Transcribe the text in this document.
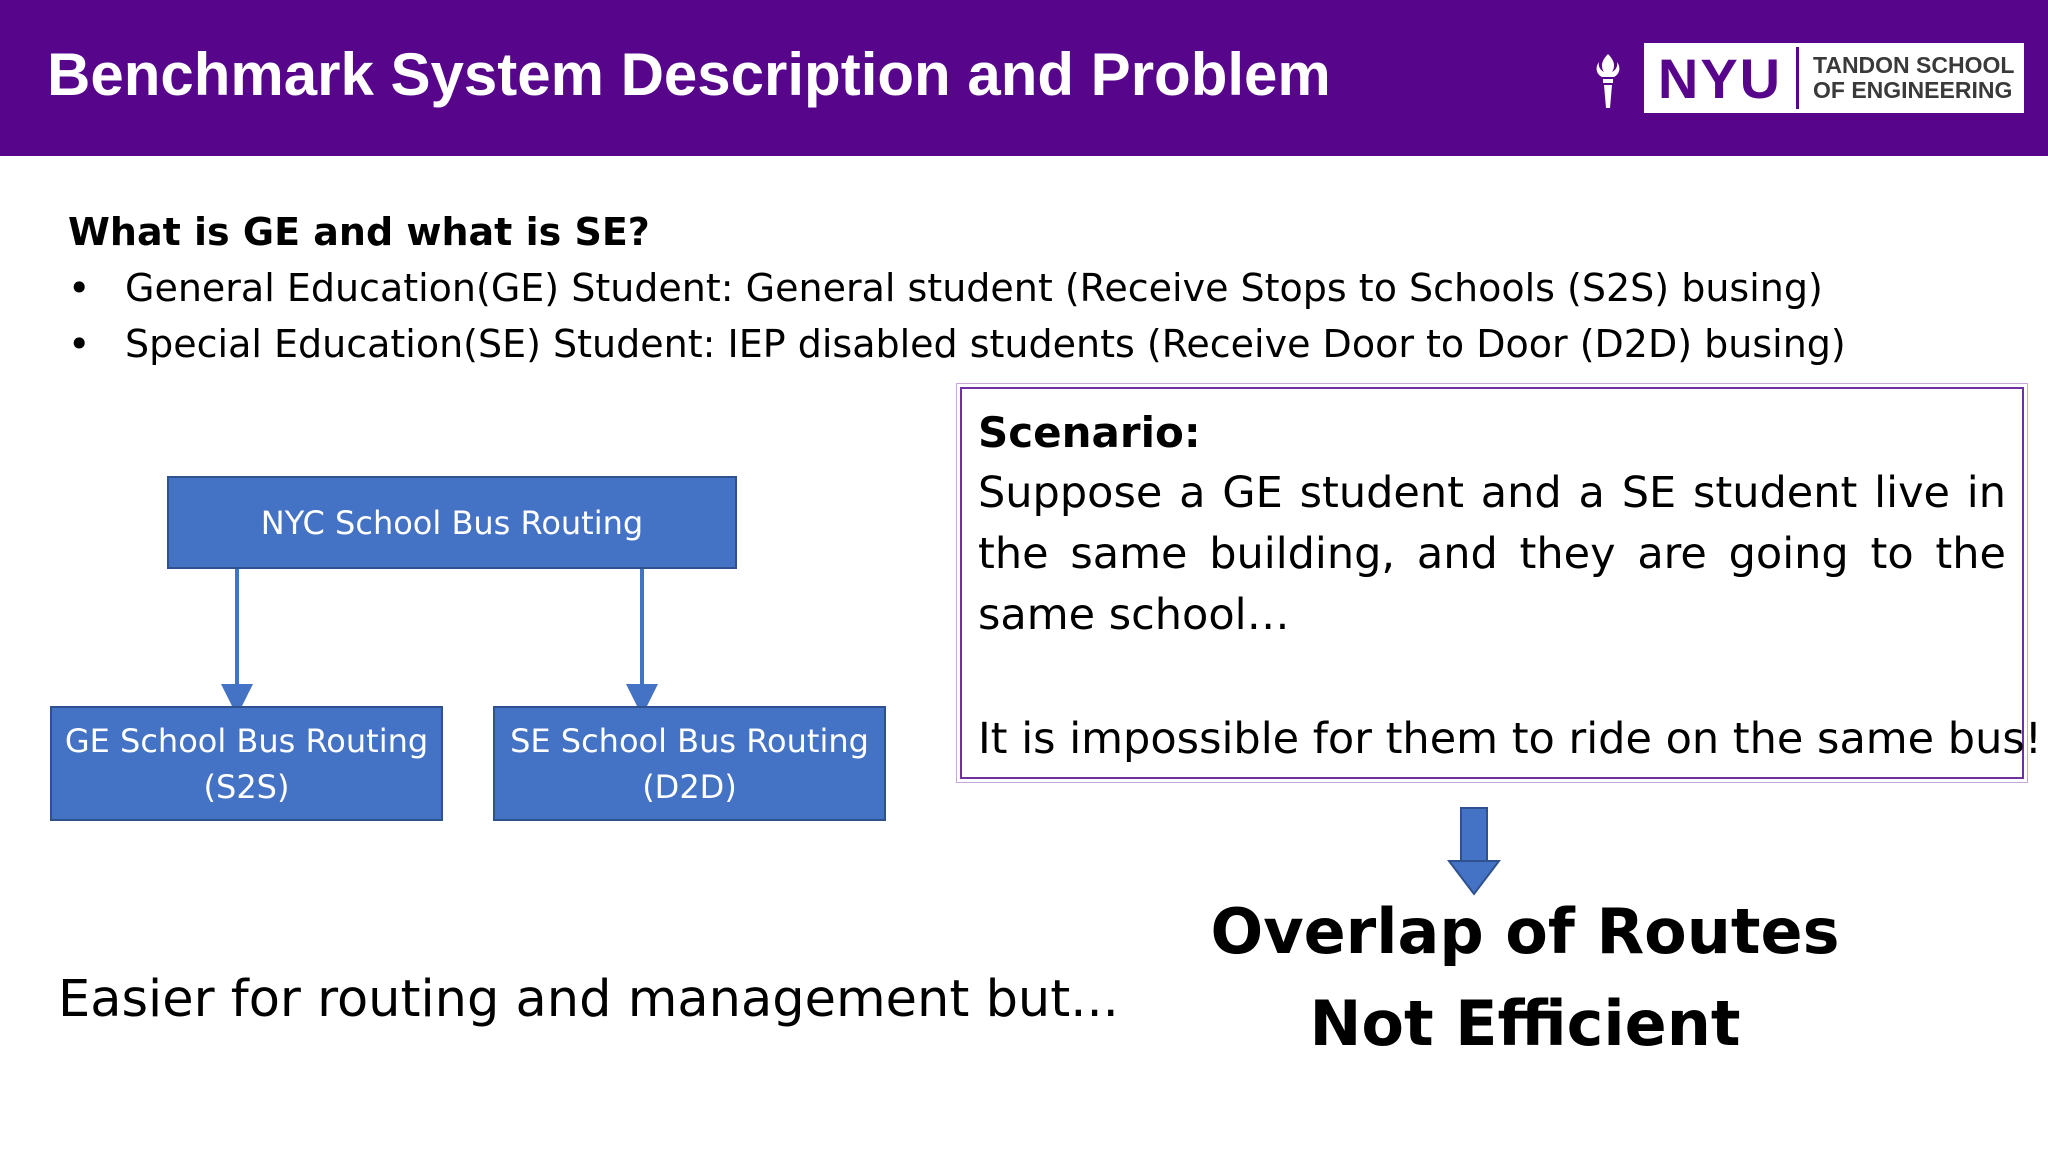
Benchmark System Description and Problem	NYU	TANDON SCHOOL
OF ENGINEERING
What is GE and what is SE?
• General Education(GE) Student: General student (Receive Stops to Schools (S2S) busing)
• Special Education(SE) Student: IEP disabled students (Receive Door to Door (D2D) busing)
NYC School Bus Routing
GE School Bus Routing
(S2S)
SE School Bus Routing
(D2D)
Scenario:
Suppose a GE student and a SE student live in the same building, and they are going to the same school…
It is impossible for them to ride on the same bus!
Easier for routing and management but...
Overlap of Routes
Not Efficient
